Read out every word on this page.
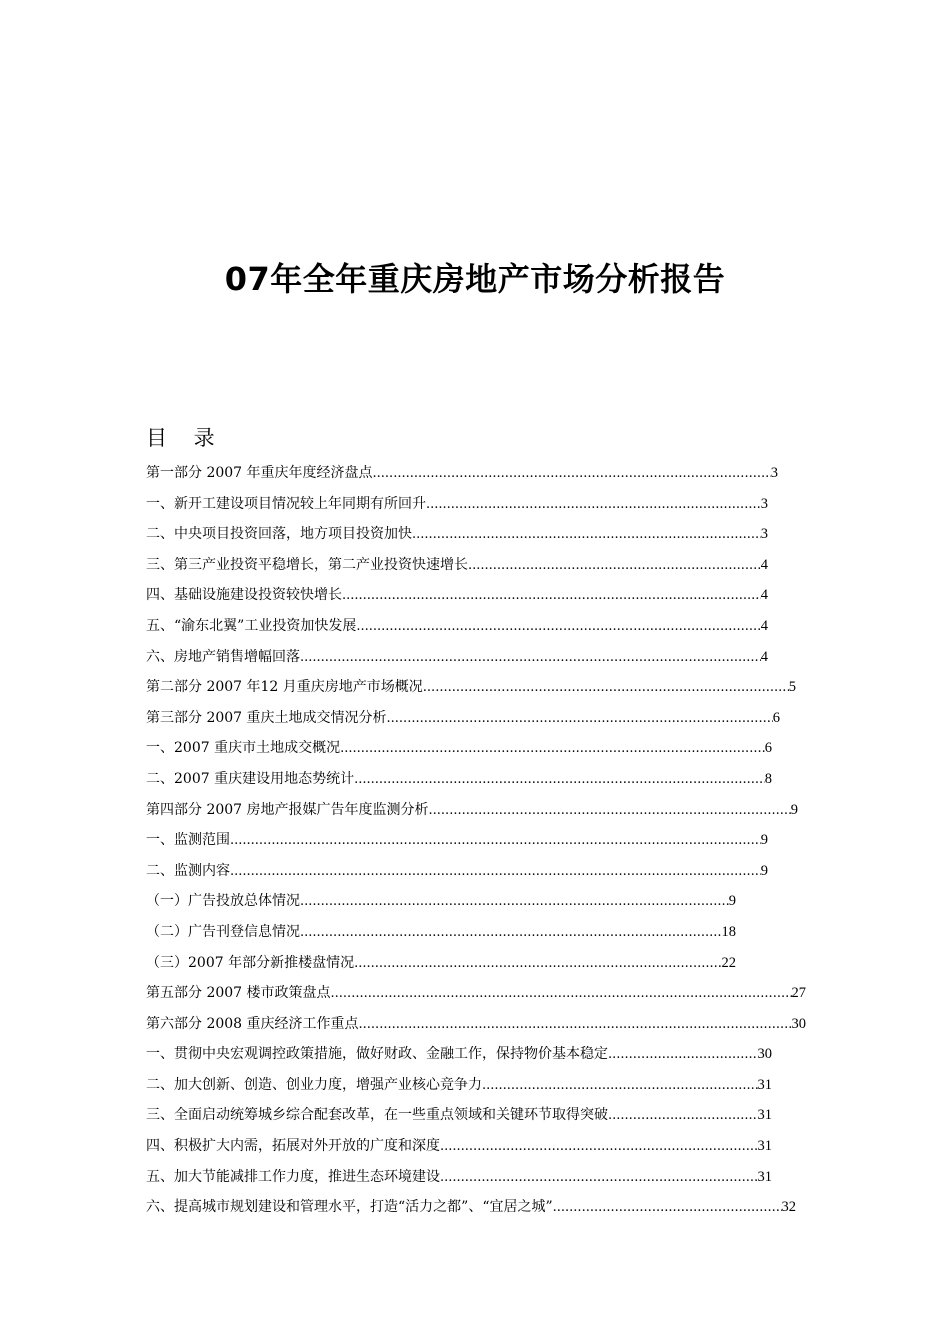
07年全年重庆房地产市场分析报告
目 录
第一部分 2007 年重庆年度经济盘点 .....	3
一、新开工建设项目情况较上年同期有所回升 .....	3
二、中央项目投资回落，地方项目投资加快 .....	3
三、第三产业投资平稳增长，第二产业投资快速增长 .....	4
四、基础设施建设投资较快增长 .....	4
五、“渝东北翼”工业投资加快发展 .....	4
六、房地产销售增幅回落 .....	4
第二部分 2007 年12 月重庆房地产市场概况 .....	5
第三部分 2007 重庆土地成交情况分析 .....	6
一、2007 重庆市土地成交概况 .....	6
二、2007 重庆建设用地态势统计 .....	8
第四部分 2007 房地产报媒广告年度监测分析 .....	9
一、监测范围 .....	9
二、监测内容 .....	9
（一）广告投放总体情况 .....	9
（二）广告刊登信息情况 .....	18
（三）2007 年部分新推楼盘情况 .....	22
第五部分 2007 楼市政策盘点 .....	27
第六部分 2008 重庆经济工作重点 .....	30
一、贯彻中央宏观调控政策措施，做好财政、金融工作，保持物价基本稳定 .....	30
二、加大创新、创造、创业力度，增强产业核心竞争力 .....	31
三、全面启动统筹城乡综合配套改革，在一些重点领域和关键环节取得突破 .....	31
四、积极扩大内需，拓展对外开放的广度和深度 .....	31
五、加大节能减排工作力度，推进生态环境建设 .....	31
六、提高城市规划建设和管理水平，打造“活力之都”、“宜居之城” .....	32
